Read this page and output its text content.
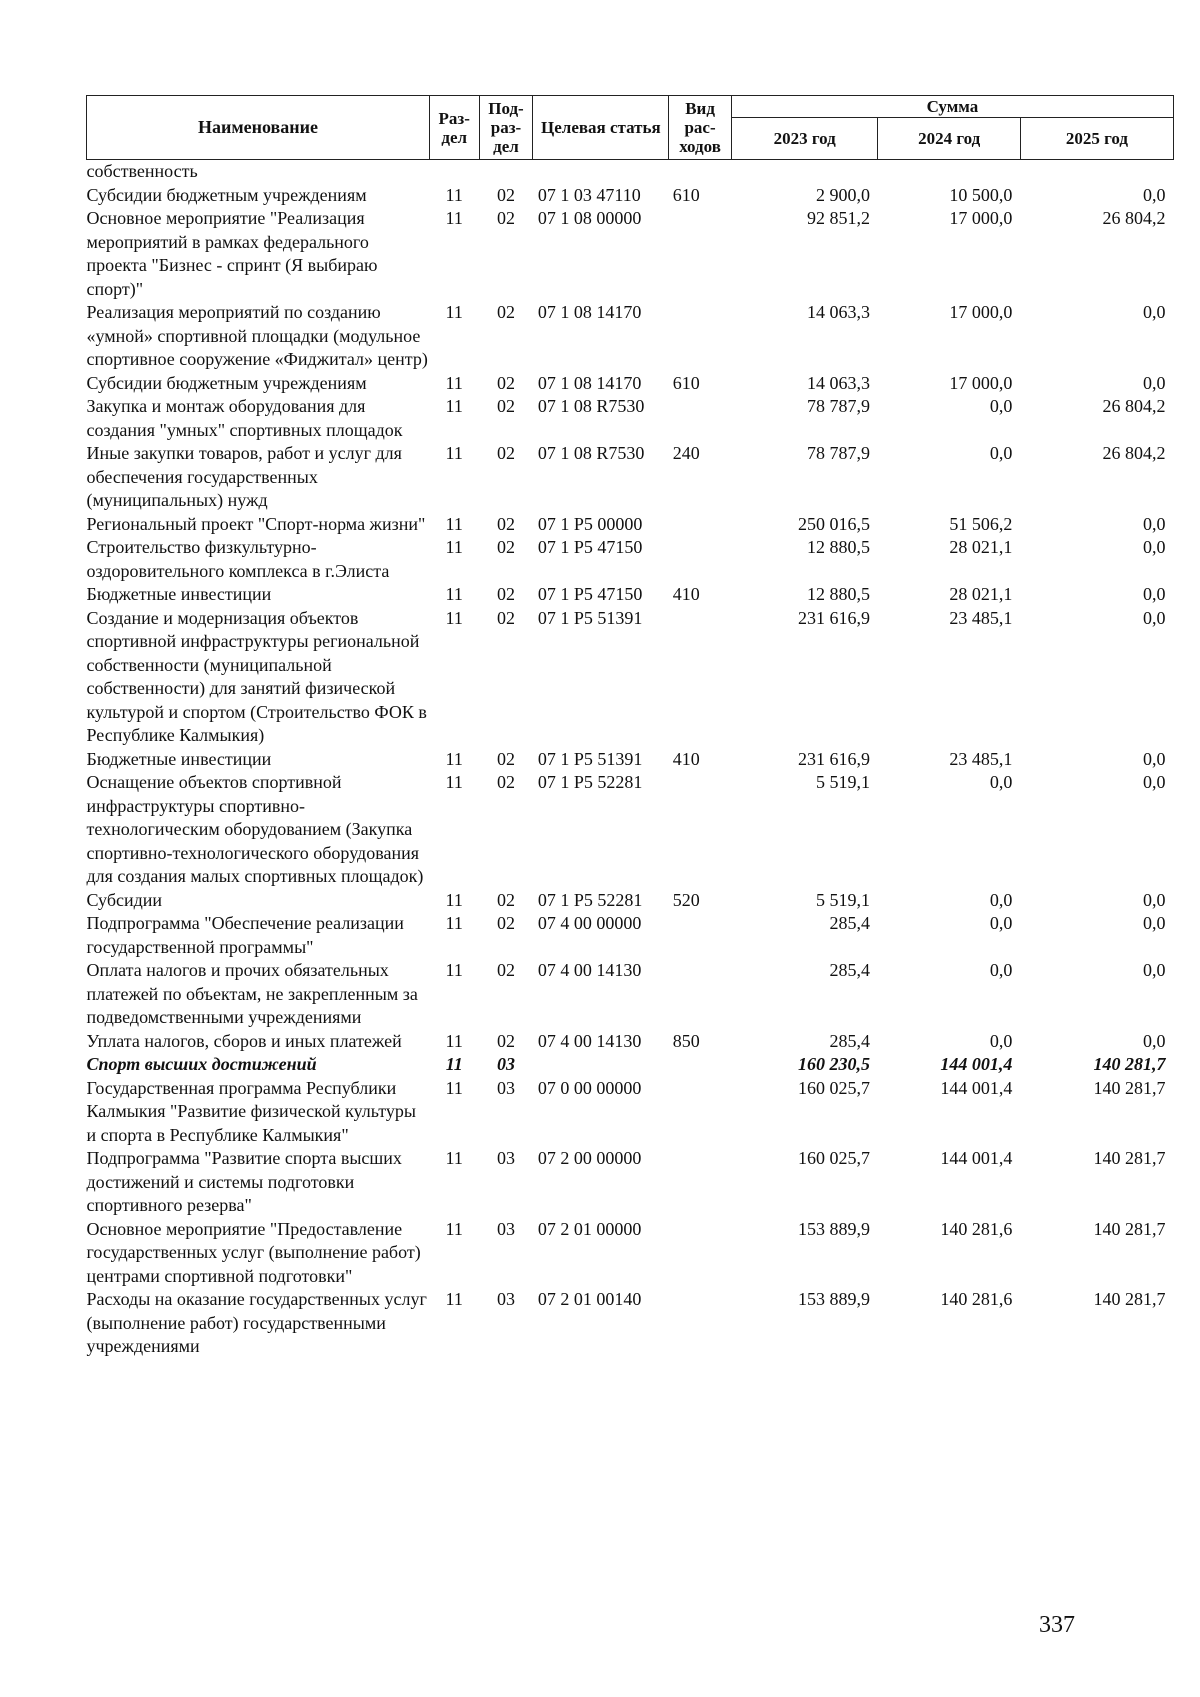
Наименование	Раз-дел	Под-раз-дел	Целевая статья	Вид рас-ходов	Сумма		
					2023 год	2024 год	2025 год
собственность							
Субсидии бюджетным учреждениям	11	02	07 1 03 47110	610	2 900,0	10 500,0	0,0
Основное мероприятие "Реализация мероприятий в рамках федерального проекта "Бизнес - спринт (Я выбираю спорт)"	11	02	07 1 08 00000		92 851,2	17 000,0	26 804,2
Реализация мероприятий по созданию «умной» спортивной площадки (модульное спортивное сооружение «Фиджитал» центр)	11	02	07 1 08 14170		14 063,3	17 000,0	0,0
Субсидии бюджетным учреждениям	11	02	07 1 08 14170	610	14 063,3	17 000,0	0,0
Закупка и монтаж оборудования для создания "умных" спортивных площадок	11	02	07 1 08 R7530		78 787,9	0,0	26 804,2
Иные закупки товаров, работ и услуг для обеспечения государственных (муниципальных) нужд	11	02	07 1 08 R7530	240	78 787,9	0,0	26 804,2
Региональный проект "Спорт-норма жизни"	11	02	07 1 P5 00000		250 016,5	51 506,2	0,0
Строительство физкультурно-оздоровительного комплекса в г.Элиста	11	02	07 1 P5 47150		12 880,5	28 021,1	0,0
Бюджетные инвестиции	11	02	07 1 P5 47150	410	12 880,5	28 021,1	0,0
Создание и модернизация объектов спортивной инфраструктуры региональной собственности (муниципальной собственности) для занятий физической культурой и спортом (Строительство ФОК в Республике Калмыкия)	11	02	07 1 P5 51391		231 616,9	23 485,1	0,0
Бюджетные инвестиции	11	02	07 1 P5 51391	410	231 616,9	23 485,1	0,0
Оснащение объектов спортивной инфраструктуры спортивно-технологическим оборудованием (Закупка спортивно-технологического оборудования для создания малых спортивных площадок)	11	02	07 1 P5 52281		5 519,1	0,0	0,0
Субсидии	11	02	07 1 P5 52281	520	5 519,1	0,0	0,0
Подпрограмма "Обеспечение реализации государственной программы"	11	02	07 4 00 00000		285,4	0,0	0,0
Оплата налогов и прочих обязательных платежей по объектам, не закрепленным за подведомственными учреждениями	11	02	07 4 00 14130		285,4	0,0	0,0
Уплата налогов, сборов и иных платежей	11	02	07 4 00 14130	850	285,4	0,0	0,0
Спорт высших достижений	11	03			160 230,5	144 001,4	140 281,7
Государственная программа Республики Калмыкия "Развитие физической культуры и спорта в Республике Калмыкия"	11	03	07 0 00 00000		160 025,7	144 001,4	140 281,7
Подпрограмма "Развитие спорта высших достижений и системы подготовки спортивного резерва"	11	03	07 2 00 00000		160 025,7	144 001,4	140 281,7
Основное мероприятие "Предоставление государственных услуг (выполнение работ) центрами спортивной подготовки"	11	03	07 2 01 00000		153 889,9	140 281,6	140 281,7
Расходы на оказание государственных услуг (выполнение работ) государственными учреждениями	11	03	07 2 01 00140		153 889,9	140 281,6	140 281,7
337
